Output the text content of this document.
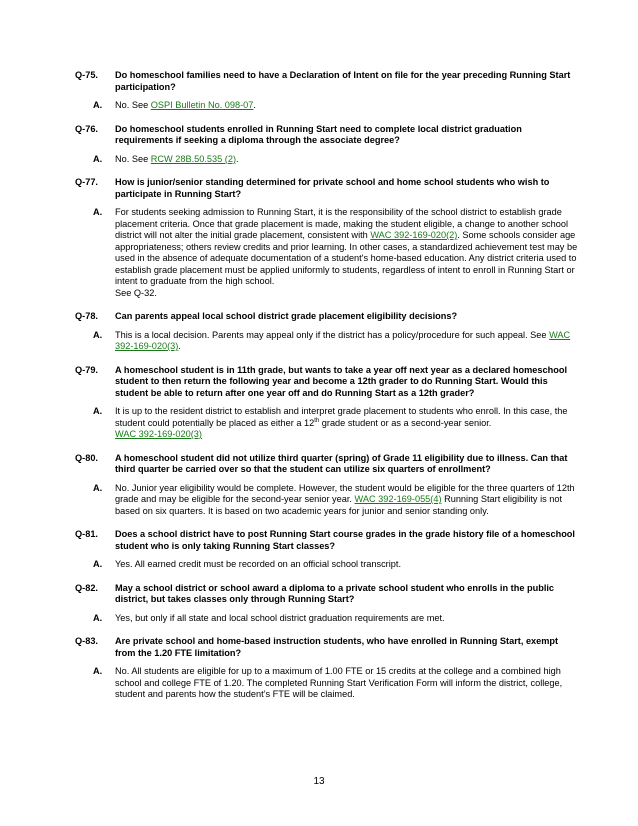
Q-75.	Do homeschool families need to have a Declaration of Intent on file for the year preceding Running Start participation?
A.	No. See OSPI Bulletin No. 098-07.
Q-76.	Do homeschool students enrolled in Running Start need to complete local district graduation requirements if seeking a diploma through the associate degree?
A.	No. See RCW 28B.50.535 (2).
Q-77.	How is junior/senior standing determined for private school and home school students who wish to participate in Running Start?
A.	For students seeking admission to Running Start, it is the responsibility of the school district to establish grade placement criteria. Once that grade placement is made, making the student eligible, a change to another school district will not alter the initial grade placement, consistent with WAC 392-169-020(2). Some schools consider age appropriateness; others review credits and prior learning. In other cases, a standardized achievement test may be used in the absence of adequate documentation of a student's home-based education. Any district criteria used to establish grade placement must be applied uniformly to students, regardless of intent to enroll in Running Start or intent to graduate from the high school.
See Q-32.
Q-78.	Can parents appeal local school district grade placement eligibility decisions?
A.	This is a local decision. Parents may appeal only if the district has a policy/procedure for such appeal. See WAC 392-169-020(3).
Q-79.	A homeschool student is in 11th grade, but wants to take a year off next year as a declared homeschool student to then return the following year and become a 12th grader to do Running Start. Would this student be able to return after one year off and do Running Start as a 12th grader?
A.	It is up to the resident district to establish and interpret grade placement to students who enroll. In this case, the student could potentially be placed as either a 12th grade student or as a second-year senior.
WAC 392-169-020(3)
Q-80.	A homeschool student did not utilize third quarter (spring) of Grade 11 eligibility due to illness. Can that third quarter be carried over so that the student can utilize six quarters of enrollment?
A.	No. Junior year eligibility would be complete. However, the student would be eligible for the three quarters of 12th grade and may be eligible for the second-year senior year. WAC 392-169-055(4) Running Start eligibility is not based on six quarters. It is based on two academic years for junior and senior standing only.
Q-81.	Does a school district have to post Running Start course grades in the grade history file of a homeschool student who is only taking Running Start classes?
A.	Yes. All earned credit must be recorded on an official school transcript.
Q-82.	May a school district or school award a diploma to a private school student who enrolls in the public district, but takes classes only through Running Start?
A.	Yes, but only if all state and local school district graduation requirements are met.
Q-83.	Are private school and home-based instruction students, who have enrolled in Running Start, exempt from the 1.20 FTE limitation?
A.	No. All students are eligible for up to a maximum of 1.00 FTE or 15 credits at the college and a combined high school and college FTE of 1.20. The completed Running Start Verification Form will inform the district, college, student and parents how the student’s FTE will be claimed.
13
